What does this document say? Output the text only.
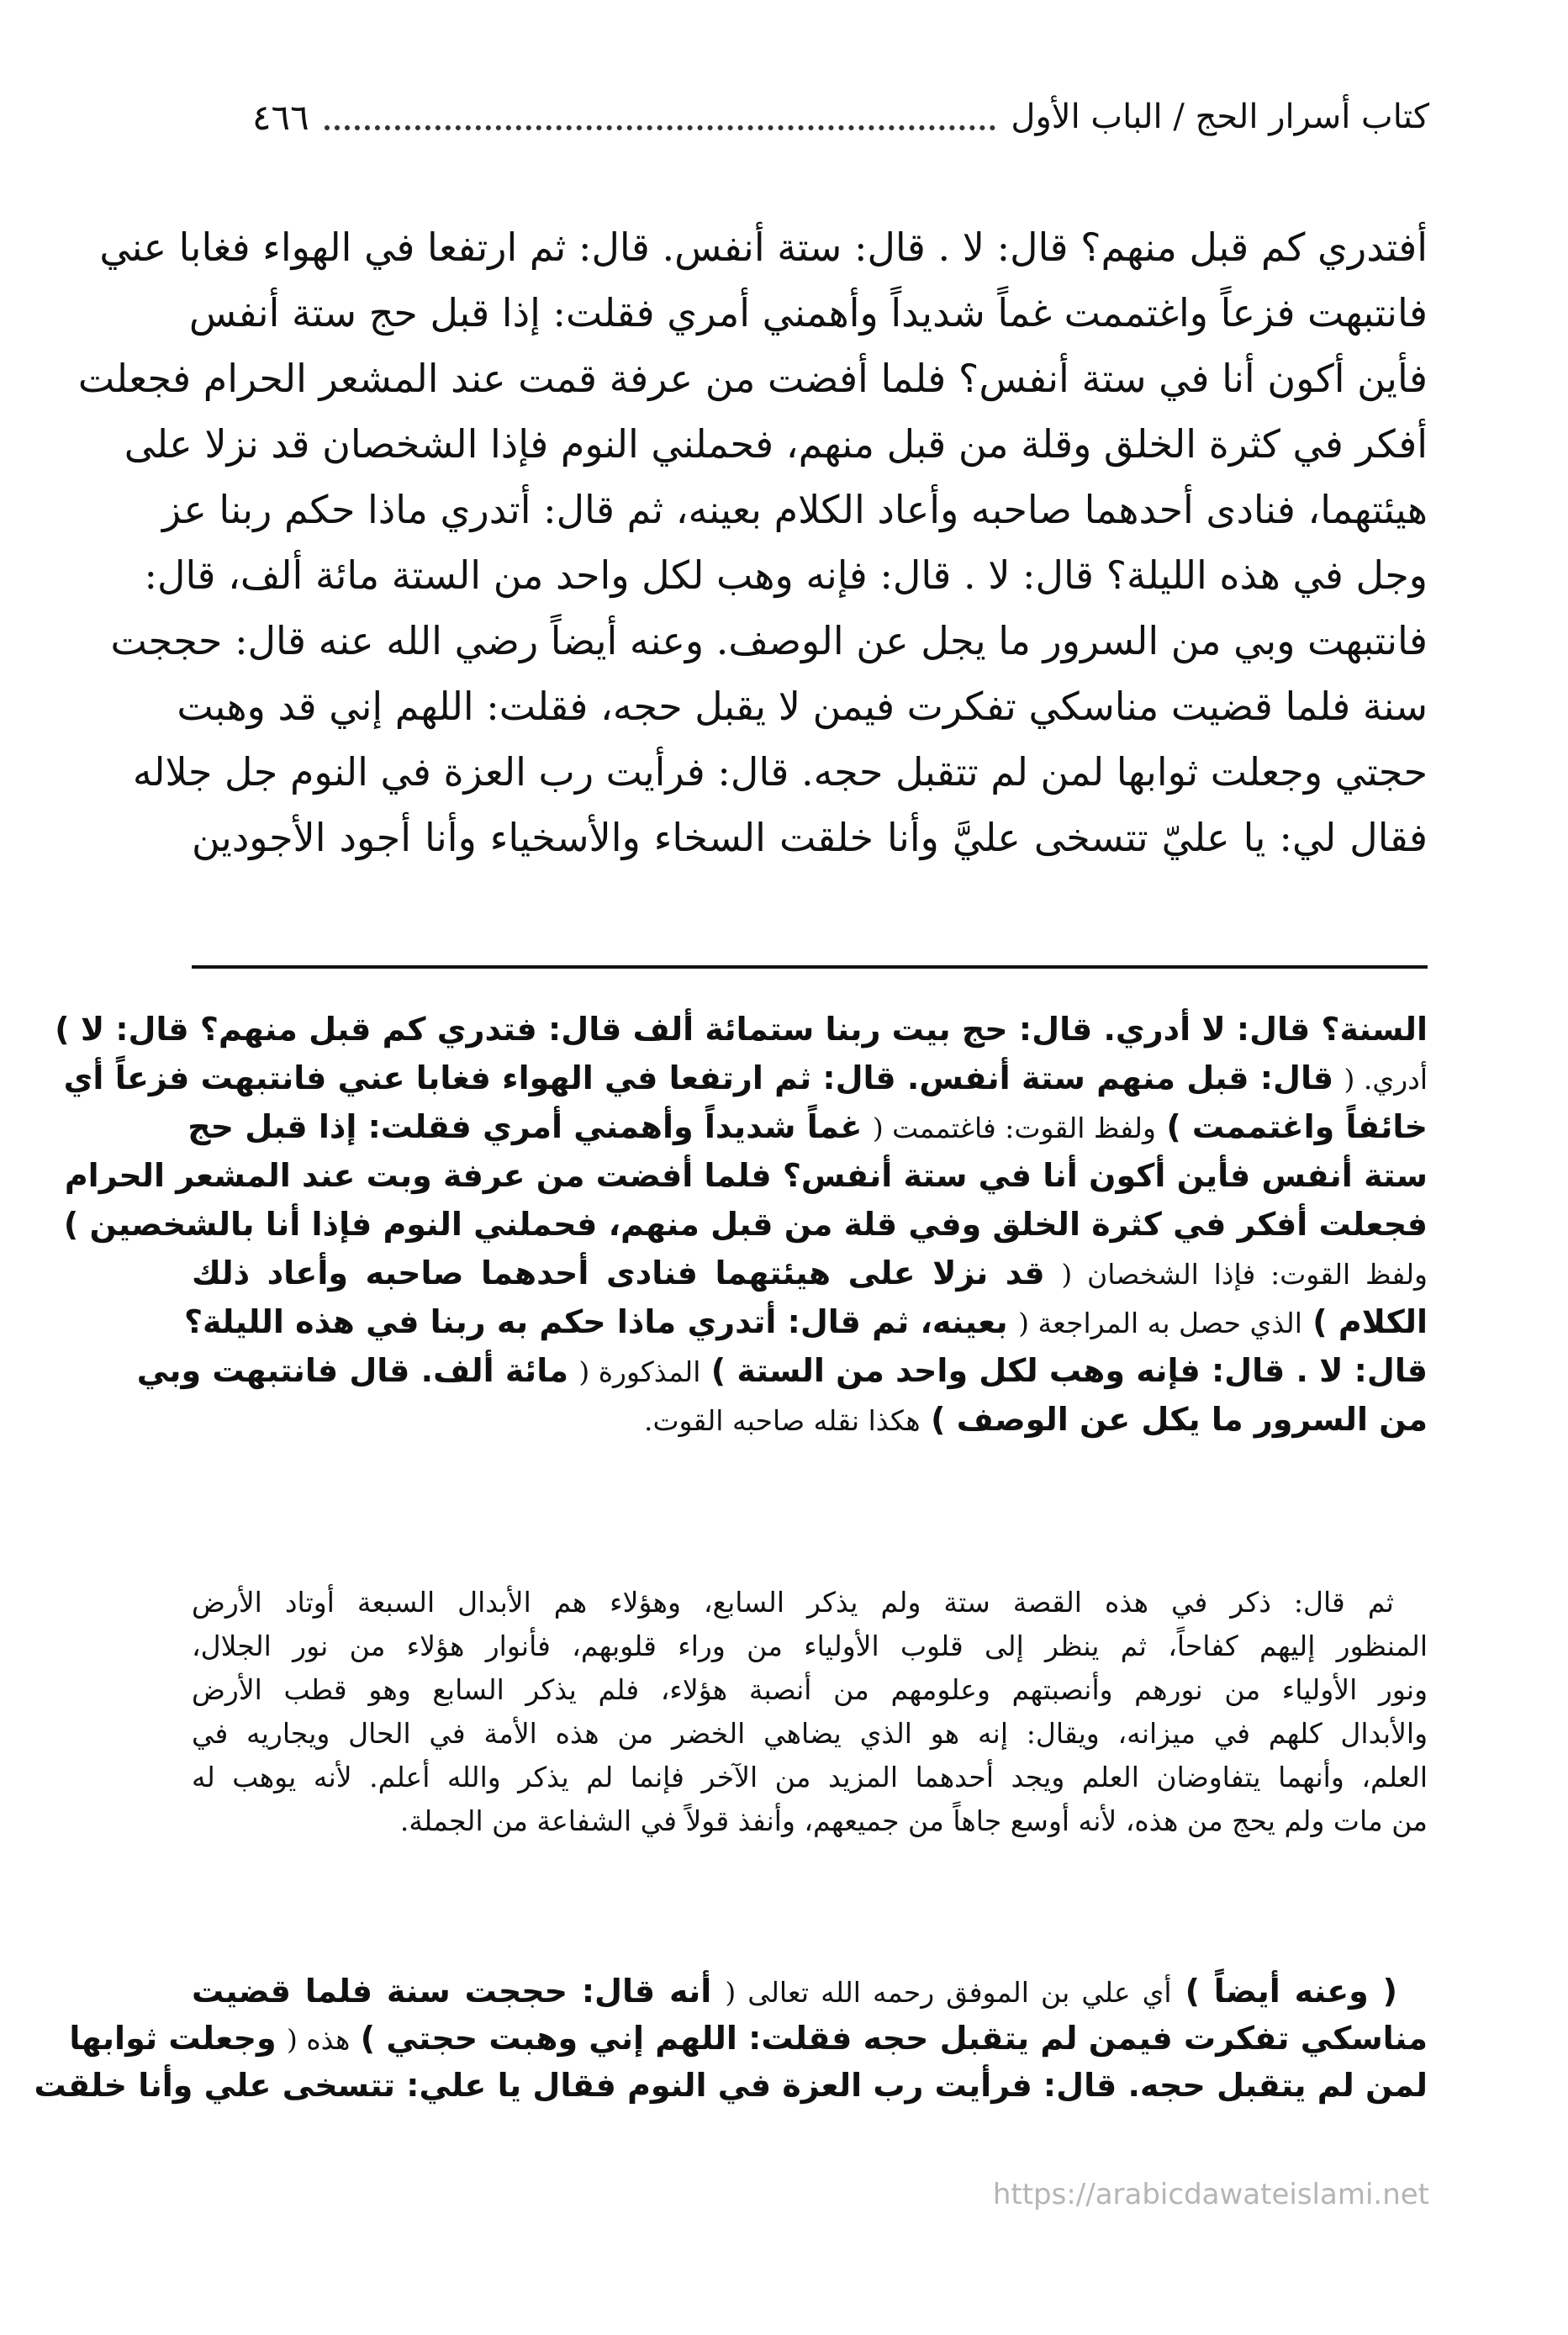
كتاب أسرار الحج / الباب الأول
٤٦٦
أفتدري كم قبل منهم؟ قال: لا . قال: ستة أنفس. قال: ثم ارتفعا في الهواء فغابا عني
فانتبهت فزعاً واغتممت غماً شديداً وأهمني أمري فقلت: إذا قبل حج ستة أنفس
فأين أكون أنا في ستة أنفس؟ فلما أفضت من عرفة قمت عند المشعر الحرام فجعلت
أفكر في كثرة الخلق وقلة من قبل منهم، فحملني النوم فإذا الشخصان قد نزلا على
هيئتهما، فنادى أحدهما صاحبه وأعاد الكلام بعينه، ثم قال: أتدري ماذا حكم ربنا عز
وجل في هذه الليلة؟ قال: لا . قال: فإنه وهب لكل واحد من الستة مائة ألف، قال:
فانتبهت وبي من السرور ما يجل عن الوصف. وعنه أيضاً رضي الله عنه قال: حججت
سنة فلما قضيت مناسكي تفكرت فيمن لا يقبل حجه، فقلت: اللهم إني قد وهبت
حجتي وجعلت ثوابها لمن لم تتقبل حجه. قال: فرأيت رب العزة في النوم جل جلاله
فقال لي: يا عليّ تتسخى عليَّ وأنا خلقت السخاء والأسخياء وأنا أجود الأجودين
السنة؟ قال: لا أدري. قال: حج بيت ربنا ستمائة ألف قال: فتدري كم قبل منهم؟ قال: لا )
أدري. ( قال: قبل منهم ستة أنفس. قال: ثم ارتفعا في الهواء فغابا عني فانتبهت فزعاً أي
خائفاً واغتممت ) ولفظ القوت: فاغتممت ( غماً شديداً وأهمني أمري فقلت: إذا قبل حج
ستة أنفس فأين أكون أنا في ستة أنفس؟ فلما أفضت من عرفة وبت عند المشعر الحرام
فجعلت أفكر في كثرة الخلق وفي قلة من قبل منهم، فحملني النوم فإذا أنا بالشخصين )
ولفظ القوت: فإذا الشخصان ( قد نزلا على هيئتهما فنادى أحدهما صاحبه وأعاد ذلك
الكلام ) الذي حصل به المراجعة ( بعينه، ثم قال: أتدري ماذا حكم به ربنا في هذه الليلة؟
قال: لا . قال: فإنه وهب لكل واحد من الستة ) المذكورة ( مائة ألف. قال فانتبهت وبي
من السرور ما يكل عن الوصف ) هكذا نقله صاحبه القوت.
ثم قال: ذكر في هذه القصة ستة ولم يذكر السابع، وهؤلاء هم الأبدال السبعة أوتاد الأرض
المنظور إليهم كفاحاً، ثم ينظر إلى قلوب الأولياء من وراء قلوبهم، فأنوار هؤلاء من نور الجلال،
ونور الأولياء من نورهم وأنصبتهم وعلومهم من أنصبة هؤلاء، فلم يذكر السابع وهو قطب الأرض
والأبدال كلهم في ميزانه، ويقال: إنه هو الذي يضاهي الخضر من هذه الأمة في الحال ويجاريه في
العلم، وأنهما يتفاوضان العلم ويجد أحدهما المزيد من الآخر فإنما لم يذكر والله أعلم. لأنه يوهب له
من مات ولم يحج من هذه، لأنه أوسع جاهاً من جميعهم، وأنفذ قولاً في الشفاعة من الجملة.
( وعنه أيضاً ) أي علي بن الموفق رحمه الله تعالى ( أنه قال: حججت سنة فلما قضيت
مناسكي تفكرت فيمن لم يتقبل حجه فقلت: اللهم إني وهبت حجتي ) هذه ( وجعلت ثوابها
لمن لم يتقبل حجه. قال: فرأيت رب العزة في النوم فقال يا علي: تتسخى علي وأنا خلقت
https://arabicdawateislami.net
